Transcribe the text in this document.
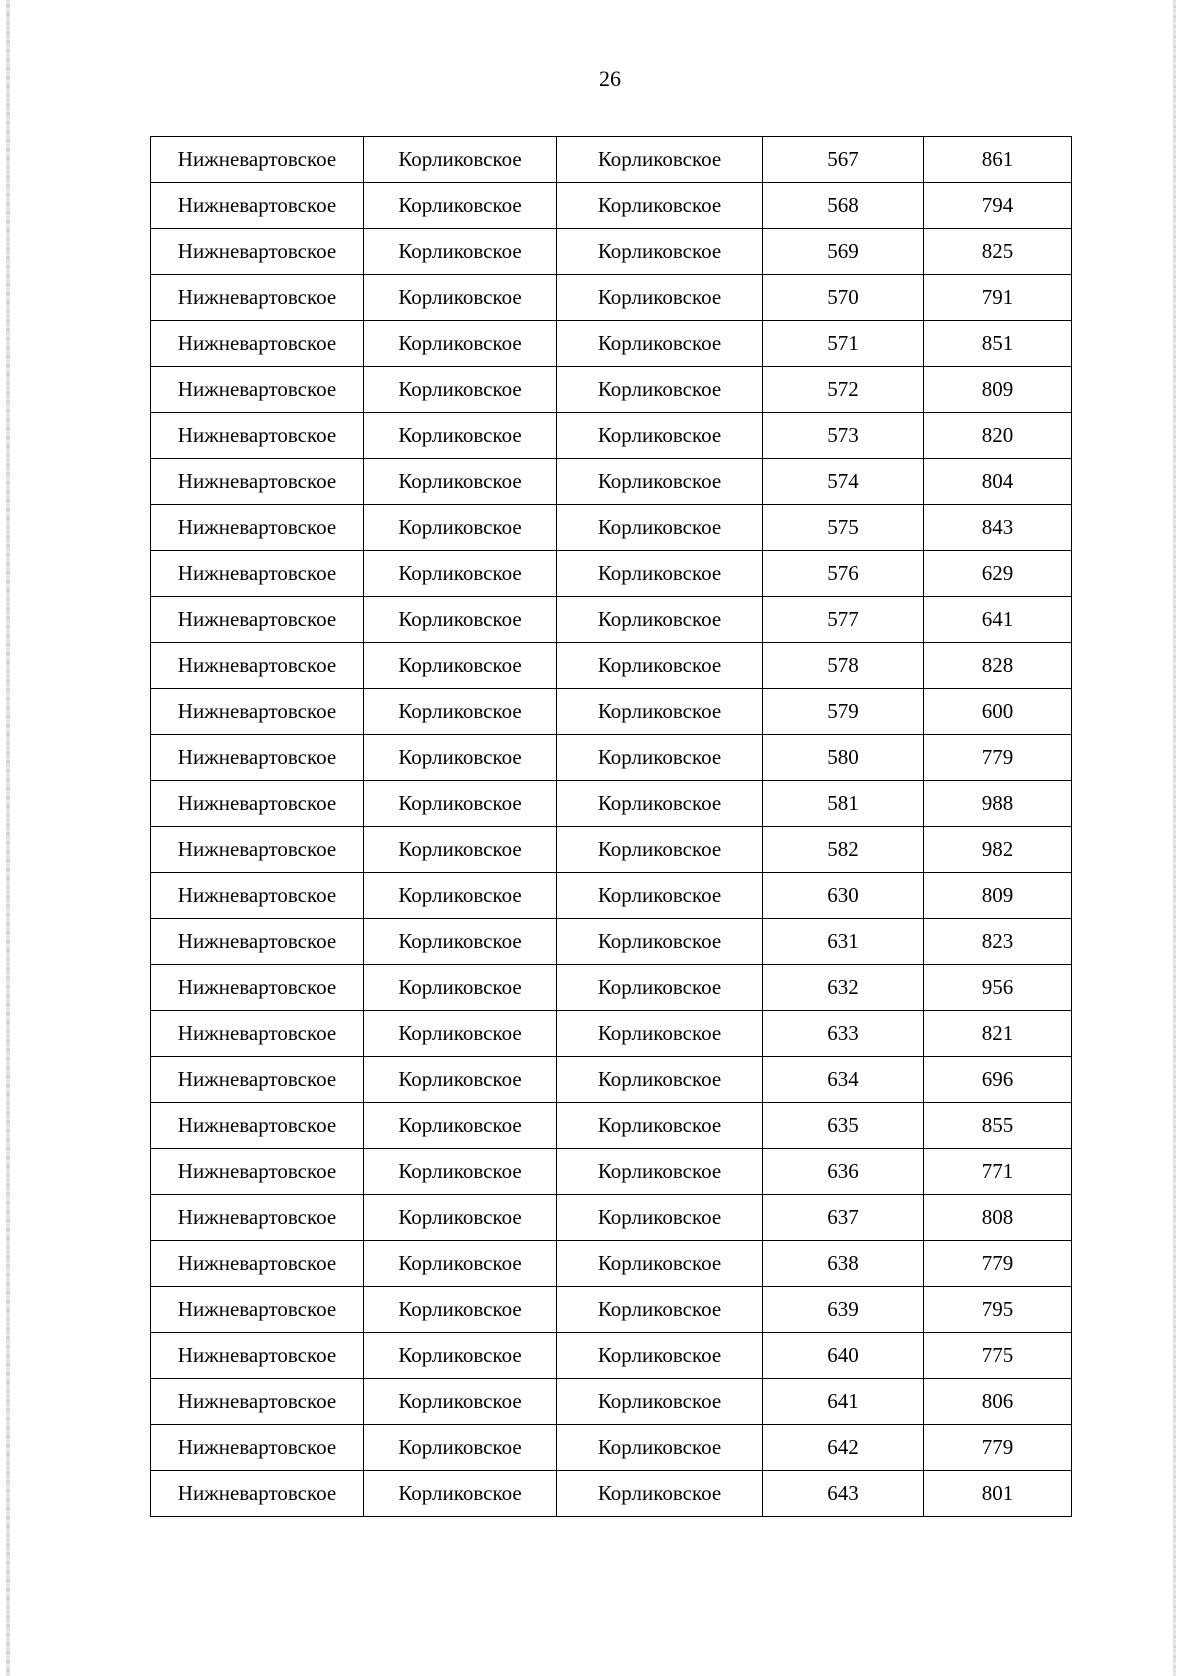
26
Нижневартовское	Корликовское	Корликовское	567	861
Нижневартовское	Корликовское	Корликовское	568	794
Нижневартовское	Корликовское	Корликовское	569	825
Нижневартовское	Корликовское	Корликовское	570	791
Нижневартовское	Корликовское	Корликовское	571	851
Нижневартовское	Корликовское	Корликовское	572	809
Нижневартовское	Корликовское	Корликовское	573	820
Нижневартовское	Корликовское	Корликовское	574	804
Нижневартовское	Корликовское	Корликовское	575	843
Нижневартовское	Корликовское	Корликовское	576	629
Нижневартовское	Корликовское	Корликовское	577	641
Нижневартовское	Корликовское	Корликовское	578	828
Нижневартовское	Корликовское	Корликовское	579	600
Нижневартовское	Корликовское	Корликовское	580	779
Нижневартовское	Корликовское	Корликовское	581	988
Нижневартовское	Корликовское	Корликовское	582	982
Нижневартовское	Корликовское	Корликовское	630	809
Нижневартовское	Корликовское	Корликовское	631	823
Нижневартовское	Корликовское	Корликовское	632	956
Нижневартовское	Корликовское	Корликовское	633	821
Нижневартовское	Корликовское	Корликовское	634	696
Нижневартовское	Корликовское	Корликовское	635	855
Нижневартовское	Корликовское	Корликовское	636	771
Нижневартовское	Корликовское	Корликовское	637	808
Нижневартовское	Корликовское	Корликовское	638	779
Нижневартовское	Корликовское	Корликовское	639	795
Нижневартовское	Корликовское	Корликовское	640	775
Нижневартовское	Корликовское	Корликовское	641	806
Нижневартовское	Корликовское	Корликовское	642	779
Нижневартовское	Корликовское	Корликовское	643	801
